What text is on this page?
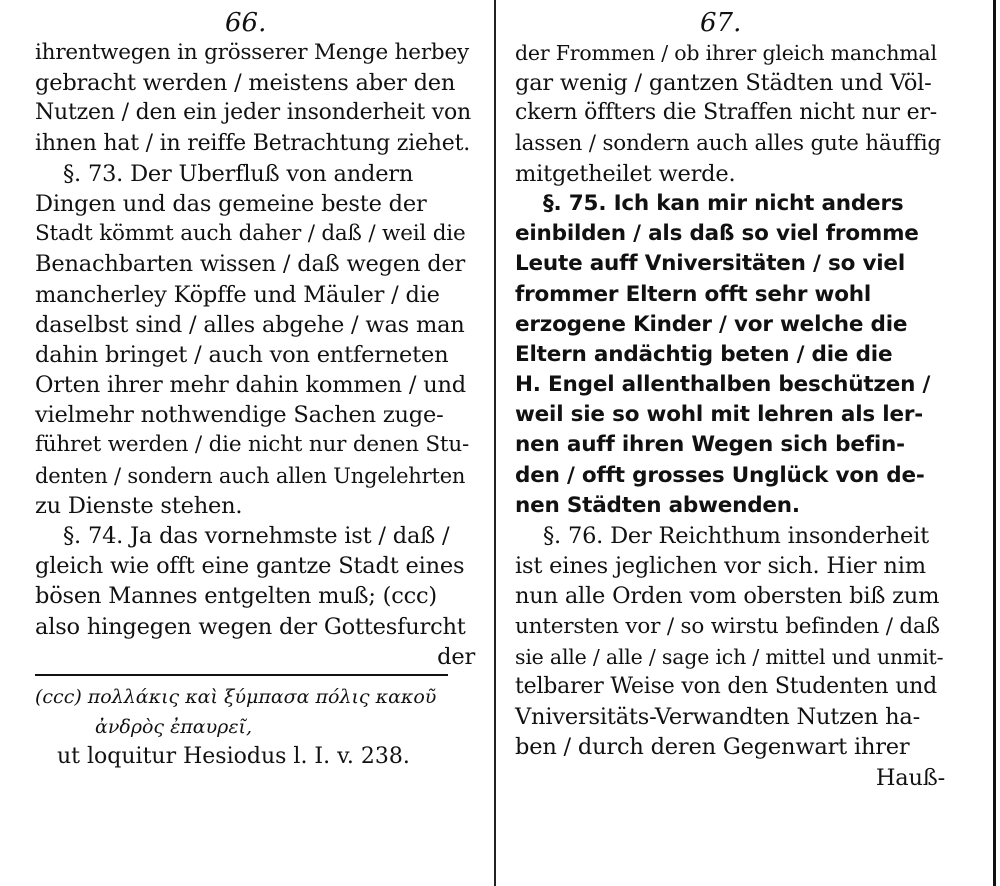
66.	67.
ihrentwegen in grösserer Menge herbey
gebracht werden / meistens aber den
Nutzen / den ein jeder insonderheit von
ihnen hat / in reiffe Betrachtung ziehet.
§. 73. Der Uberfluß von andern
Dingen und das gemeine beste der
Stadt kömmt auch daher / daß / weil die
Benachbarten wissen / daß wegen der
mancherley Köpffe und Mäuler / die
daselbst sind / alles abgehe / was man
dahin bringet / auch von entferneten
Orten ihrer mehr dahin kommen / und
vielmehr nothwendige Sachen zuge-
führet werden / die nicht nur denen Stu-
denten / sondern auch allen Ungelehrten
zu Dienste stehen.
§. 74. Ja das vornehmste ist / daß /
gleich wie offt eine gantze Stadt eines
bösen Mannes entgelten muß; (ccc)
also hingegen wegen der Gottesfurcht
der
(ccc) πολλάκις καὶ ξύμπασα πόλις κακοῦ
ἀνδρὸς ἐπαυρεῖ,
ut loquitur Hesiodus l. I. v. 238.
der Frommen / ob ihrer gleich manchmal
gar wenig / gantzen Städten und Völ-
ckern öffters die Straffen nicht nur er-
lassen / sondern auch alles gute häuffig
mitgetheilet werde.
§. 75. Ich kan mir nicht anders
einbilden / als daß so viel fromme
Leute auff Vniversitäten / so viel
frommer Eltern offt sehr wohl
erzogene Kinder / vor welche die
Eltern andächtig beten / die die
H. Engel allenthalben beschützen /
weil sie so wohl mit lehren als ler-
nen auff ihren Wegen sich befin-
den / offt grosses Unglück von de-
nen Städten abwenden.
§. 76. Der Reichthum insonderheit
ist eines jeglichen vor sich. Hier nim
nun alle Orden vom obersten biß zum
untersten vor / so wirstu befinden / daß
sie alle / alle / sage ich / mittel und unmit-
telbarer Weise von den Studenten und
Vniversitäts-Verwandten Nutzen ha-
ben / durch deren Gegenwart ihrer
Hauß-
